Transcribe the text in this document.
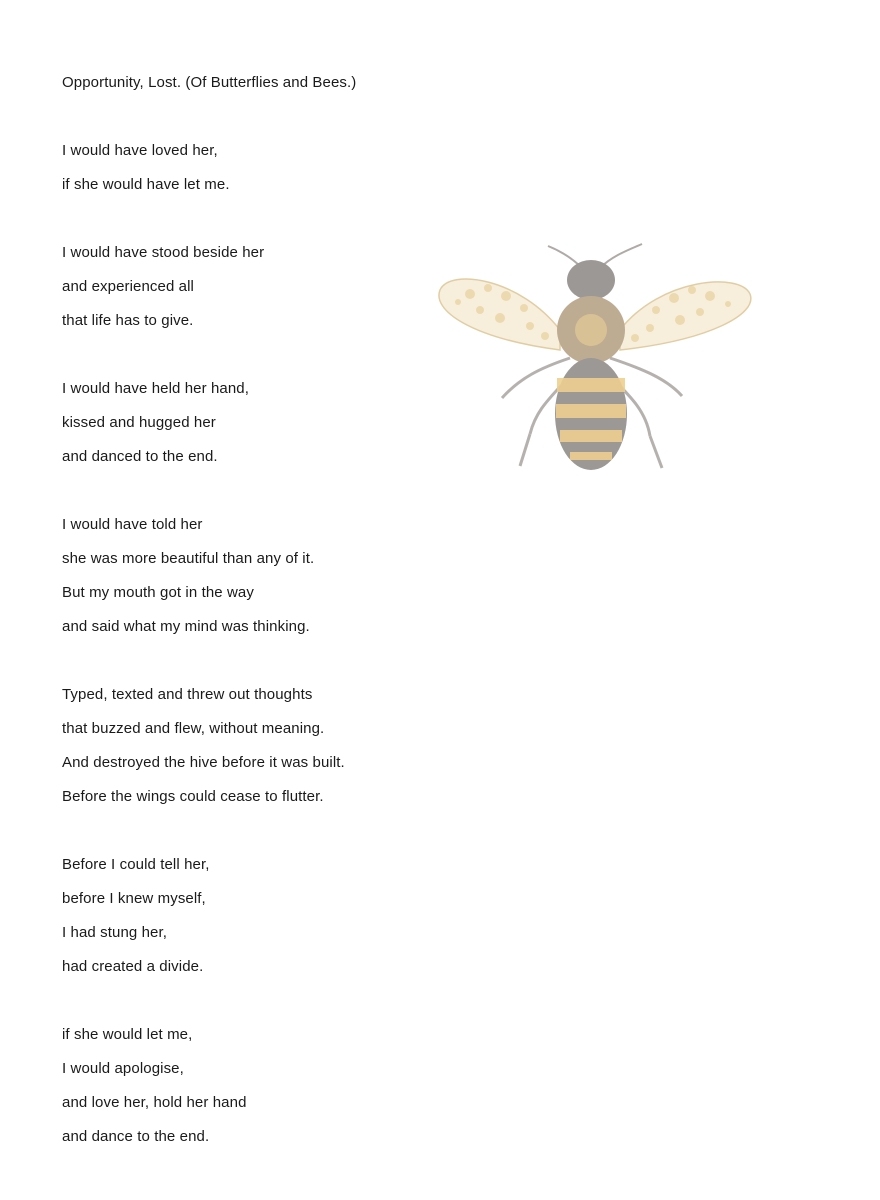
Opportunity, Lost. (Of Butterflies and Bees.)
I would have loved her,
if she would have let me.
I would have stood beside her
and experienced all
that life has to give.
I would have held her hand,
kissed and hugged her
and danced to the end.
I would have told her
she was more beautiful than any of it.
But my mouth got in the way
and said what my mind was thinking.
Typed, texted and threw out thoughts
that buzzed and flew, without meaning.
And destroyed the hive before it was built.
Before the wings could cease to flutter.
Before I could tell her,
before I knew myself,
I had stung her,
had created a divide.
if she would let me,
I would apologise,
and love her, hold her hand
and dance to the end.
